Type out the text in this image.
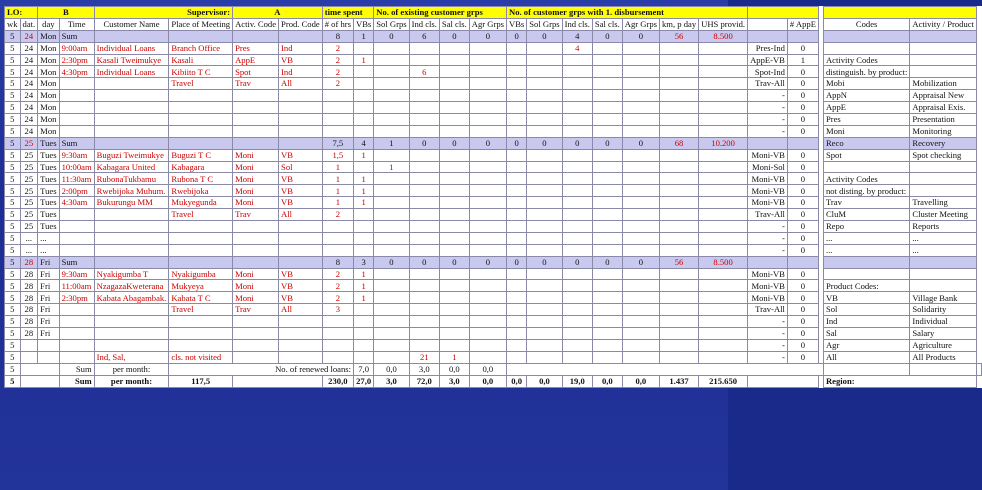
LO:		B		Supervisor:		A		time spent		No. of existing customer grps				No. of customer grps with 1. disbursement												
wk	dat.	day	Time	Customer Name	Place of Meeting	Activ. Code	Prod. Code	# of hrs	VBs	Sol Grps	Ind cls.	Sal cls.	Agr Grps	VBs	Sol Grps	Ind cls.	Sal cls.	Agr Grps	km, p day	UHS provid.		# AppE		Codes	Activity / Product	
5	24	Mon	Sum					8	1	0	6	0	0	0	0	4	0	0	56	8.500						
5	24	Mon	9:00am	Individual Loans	Branch Office	Pres	Ind	2								4					Pres-Ind	0				
5	24	Mon	2:30pm	Kasali Tweimukye	Kasali	AppE	VB	2	1												AppE-VB	1		Activity Codes		
5	24	Mon	4:30pm	Individual Loans	Kibiito T C	Spot	Ind	2			6										Spot-Ind	0		distinguish. by product:		
5	24	Mon			Travel	Trav	All	2													Trav-All	0		Mobi	Mobilization	
5	24	Mon																			-	0		AppN	Appraisal New	
5	24	Mon																			-	0		AppE	Appraisal Exis.	
5	24	Mon																			-	0		Pres	Presentation	
5	24	Mon																			-	0		Moni	Monitoring	
5	25	Tues	Sum					7,5	4	1	0	0	0	0	0	0	0	0	68	10.200				Reco	Recovery	
5	25	Tues	9:30am	Buguzi Tweimukye	Buguzi T C	Moni	VB	1,5	1												Moni-VB	0		Spot	Spot checking	
5	25	Tues	10:00am	Kabagara United	Kabagara	Moni	Sol	1		1											Moni-Sol	0				
5	25	Tues	11:30am	RubonaTukbamu	Rubona T C	Moni	VB	1	1												Moni-VB	0		Activity Codes		
5	25	Tues	2:00pm	Rwebijoka Muhum.	Rwebijoka	Moni	VB	1	1												Moni-VB	0		not disting. by product:		
5	25	Tues	4:30am	Bukurungu MM	Mukyegunda	Moni	VB	1	1												Moni-VB	0		Trav	Travelling	
5	25	Tues			Travel	Trav	All	2													Trav-All	0		CluM	Cluster Meeting	
5	25	Tues																			-	0		Repo	Reports	
5	...	...																			-	0		...	...	
5	...	...																			-	0		...	...	
5	28	Fri	Sum					8	3	0	0	0	0	0	0	0	0	0	56	8.500						
5	28	Fri	9:30am	Nyakigumba T	Nyakigumba	Moni	VB	2	1												Moni-VB	0				
5	28	Fri	11:00am	NzagazaKweterana	Mukyeya	Moni	VB	2	1												Moni-VB	0		Product Codes:		
5	28	Fri	2:30pm	Kabata Abagambak.	Kabata T C	Moni	VB	2	1												Moni-VB	0		VB	Village Bank	
5	28	Fri			Travel	Trav	All	3													Trav-All	0		Sol	Solidarity	
5	28	Fri																			-	0		Ind	Individual	
5	28	Fri																			-	0		Sal	Salary	
5																					-	0		Agr	Agriculture	
5				Ind, Sal,	cls. not visited						21	1									-	0		All	All Products	
5			Sum	per month:	No. of renewed loans:				7,0	0,0	3,0	0,0	0,0													
5			Sum	per month:	117,5			230,0	27,0	3,0	72,0	3,0	0,0	0,0	0,0	19,0	0,0	0,0	1.437	215.650				Region:		
